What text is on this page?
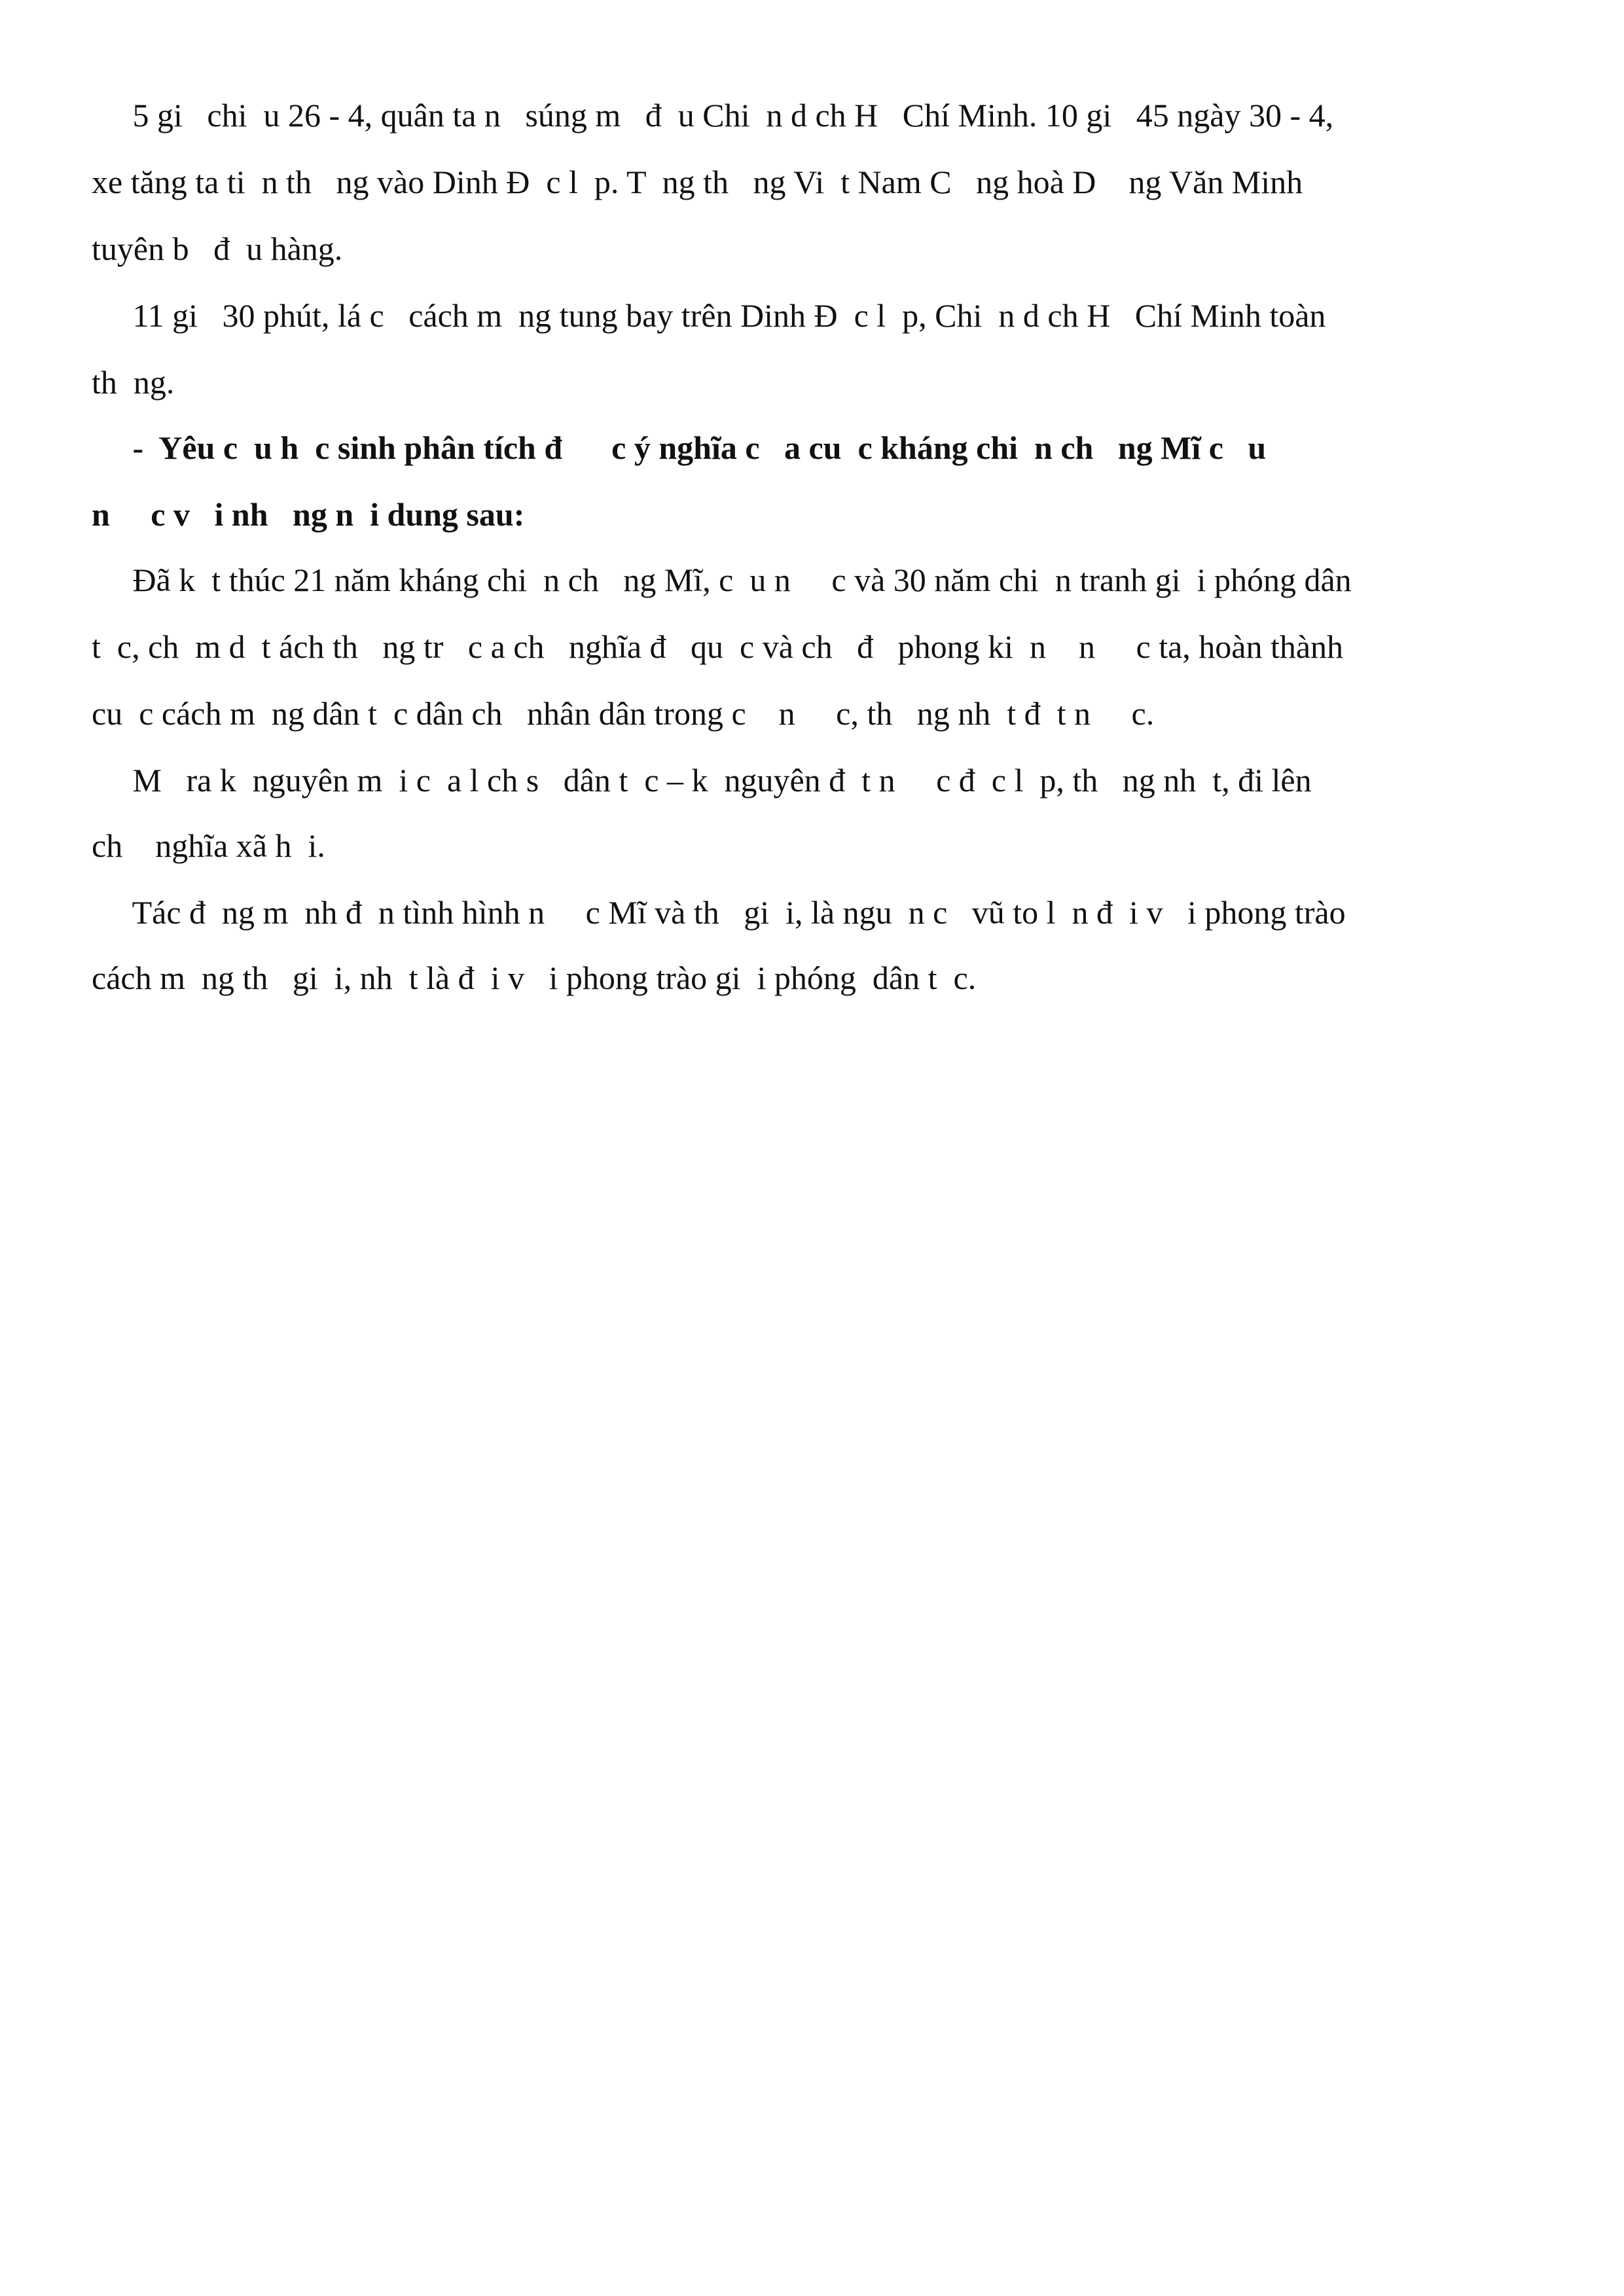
5 gi   chi  u 26 - 4, quân ta n   súng m   đ  u Chi  n d ch H   Chí Minh. 10 gi   45 ngày 30 - 4,
xe tăng ta ti  n th   ng vào Dinh Đ  c l  p. T  ng th   ng Vi  t Nam C   ng hoà D    ng Văn Minh
tuyên b   đ  u hàng.
11 gi   30 phút, lá c   cách m  ng tung bay trên Dinh Đ  c l  p, Chi  n d ch H   Chí Minh toàn
th  ng.
-  Yêu c  u h  c sinh phân tích đ      c ý nghĩa c   a cu  c kháng chi  n ch   ng Mĩ c   u
n     c v   i nh   ng n  i dung sau:
Đã k  t thúc 21 năm kháng chi  n ch   ng Mĩ, c  u n     c và 30 năm chi  n tranh gi  i phóng dân
t  c, ch  m d  t ách th   ng tr   c a ch   nghĩa đ   qu  c và ch   đ   phong ki  n    n     c ta, hoàn thành
cu  c cách m  ng dân t  c dân ch   nhân dân trong c    n     c, th   ng nh  t đ  t n     c.
M   ra k  nguyên m  i c  a l ch s   dân t  c – k  nguyên đ  t n     c đ  c l  p, th   ng nh  t, đi lên
ch    nghĩa xã h  i.
Tác đ  ng m  nh đ  n tình hình n     c Mĩ và th   gi  i, là ngu  n c   vũ to l  n đ  i v   i phong trào
cách m  ng th   gi  i, nh  t là đ  i v   i phong trào gi  i phóng  dân t  c.
